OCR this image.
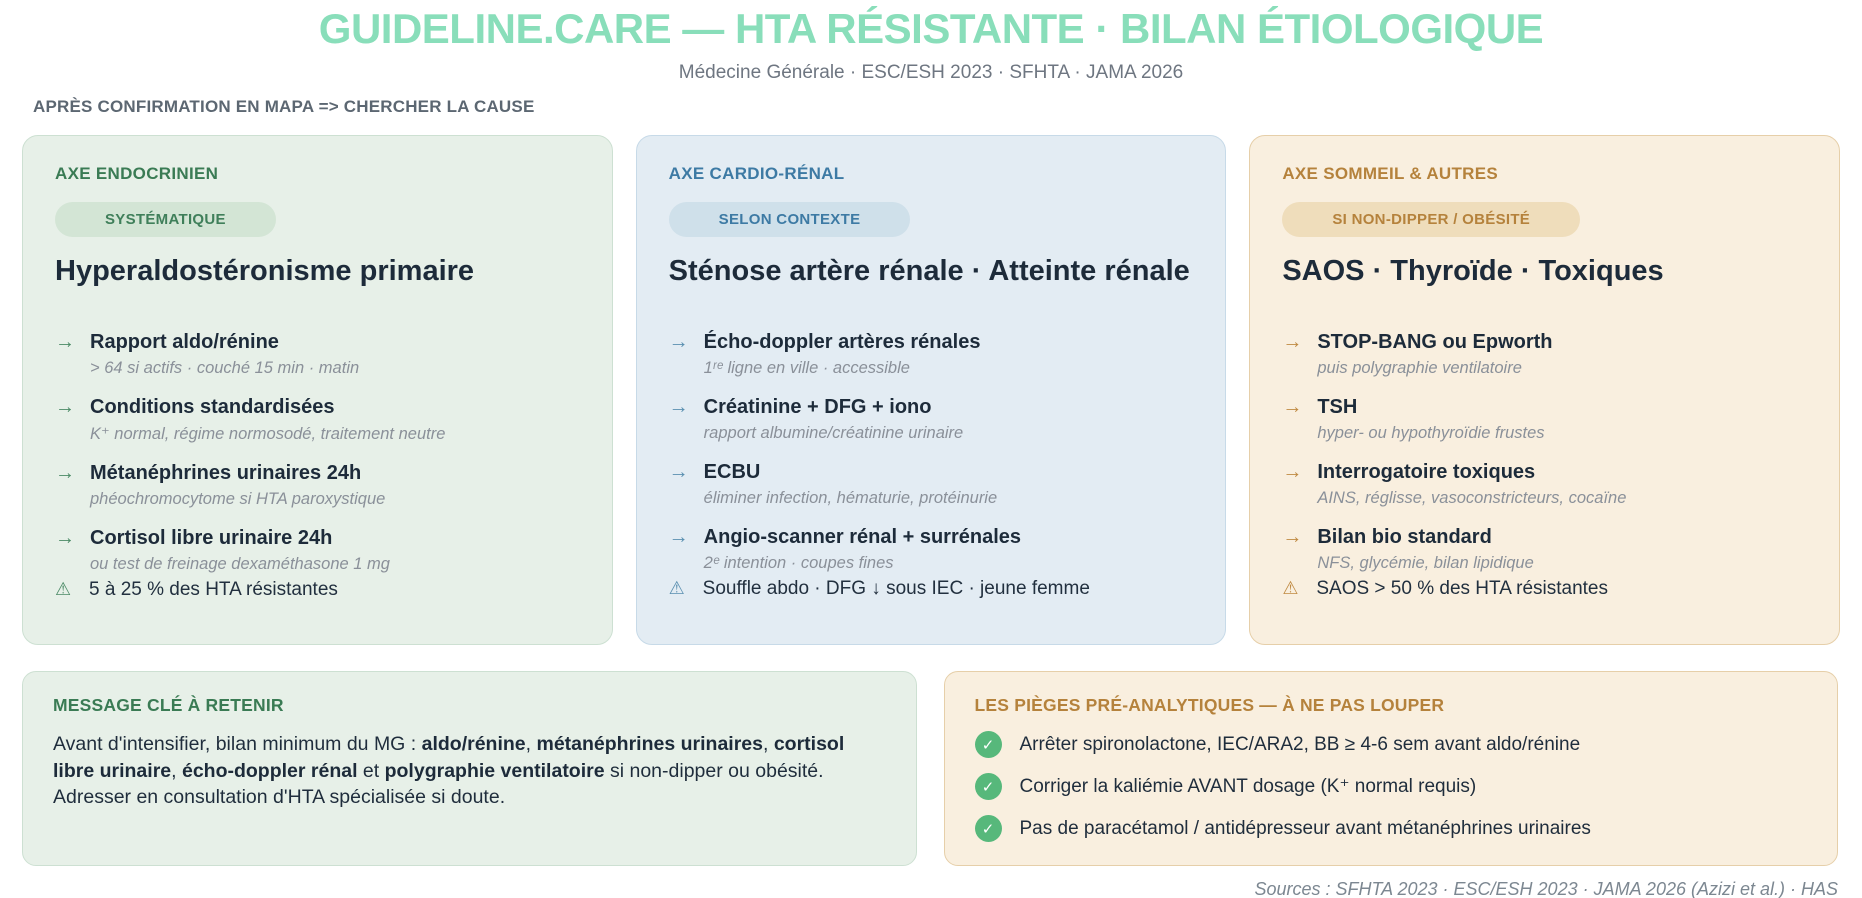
GUIDELINE.CARE — HTA RÉSISTANTE · BILAN ÉTIOLOGIQUE
Médecine Générale · ESC/ESH 2023 · SFHTA · JAMA 2026
APRÈS CONFIRMATION EN MAPA => CHERCHER LA CAUSE
AXE ENDOCRINIEN
SYSTÉMATIQUE
Hyperaldostéronisme primaire
→ Rapport aldo/rénine
> 64 si actifs · couché 15 min · matin
→ Conditions standardisées
K⁺ normal, régime normosodé, traitement neutre
→ Métanéphrines urinaires 24h
phéochromocytome si HTA paroxystique
→ Cortisol libre urinaire 24h
ou test de freinage dexaméthasone 1 mg
⚠ 5 à 25 % des HTA résistantes
AXE CARDIO-RÉNAL
SELON CONTEXTE
Sténose artère rénale · Atteinte rénale
→ Écho-doppler artères rénales
1ʳᵉ ligne en ville · accessible
→ Créatinine + DFG + iono
rapport albumine/créatinine urinaire
→ ECBU
éliminer infection, hématurie, protéinurie
→ Angio-scanner rénal + surrénales
2ᵉ intention · coupes fines
⚠ Souffle abdo · DFG ↓ sous IEC · jeune femme
AXE SOMMEIL & AUTRES
SI NON-DIPPER / OBÉSITÉ
SAOS · Thyroïde · Toxiques
→ STOP-BANG ou Epworth
puis polygraphie ventilatoire
→ TSH
hyper- ou hypothyroïdie frustes
→ Interrogatoire toxiques
AINS, réglisse, vasoconstricteurs, cocaïne
→ Bilan bio standard
NFS, glycémie, bilan lipidique
⚠ SAOS > 50 % des HTA résistantes
MESSAGE CLÉ À RETENIR

Avant d'intensifier, bilan minimum du MG : aldo/rénine, métanéphrines urinaires, cortisol libre urinaire, écho-doppler rénal et polygraphie ventilatoire si non-dipper ou obésité. Adresser en consultation d'HTA spécialisée si doute.

LES PIÈGES PRÉ-ANALYTIQUES — À NE PAS LOUPER
✓	Arrêter spironolactone, IEC/ARA2, BB ≥ 4-6 sem avant aldo/rénine
✓	Corriger la kaliémie AVANT dosage (K⁺ normal requis)
✓	Pas de paracétamol / antidépresseur avant métanéphrines urinaires
Sources : SFHTA 2023 · ESC/ESH 2023 · JAMA 2026 (Azizi et al.) · HAS
